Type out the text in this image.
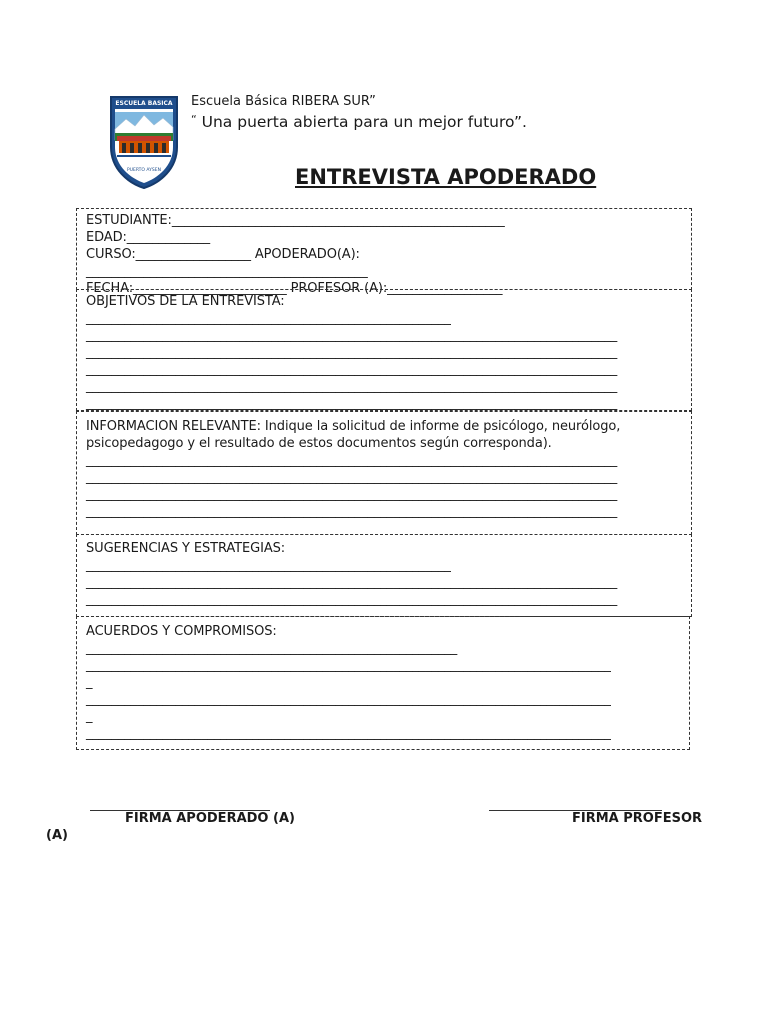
ESCUELA BASICA
PUERTO AYSEN
Escuela Básica RIBERA SUR”
“ Una puerta abierta para un mejor futuro”.
ENTREVISTA APODERADO
ESTUDIANTE:____________________________________________________
EDAD:_____________
CURSO:__________________ APODERADO(A):
____________________________________________
FECHA:________________________ PROFESOR (A):__________________
OBJETIVOS DE LA ENTREVISTA:
_________________________________________________________
___________________________________________________________________________________
___________________________________________________________________________________
___________________________________________________________________________________
___________________________________________________________________________________
___________________________________________________________________________________
INFORMACION RELEVANTE: Indique la solicitud de informe de psicólogo, neurólogo,
psicopedagogo y el resultado de estos documentos según corresponda).
___________________________________________________________________________________
___________________________________________________________________________________
___________________________________________________________________________________
___________________________________________________________________________________
SUGERENCIAS Y ESTRATEGIAS:
_________________________________________________________
___________________________________________________________________________________
___________________________________________________________________________________
ACUERDOS Y COMPROMISOS:
__________________________________________________________
__________________________________________________________________________________
_
__________________________________________________________________________________
_
__________________________________________________________________________________
FIRMA APODERADO (A)	FIRMA PROFESOR
(A)
